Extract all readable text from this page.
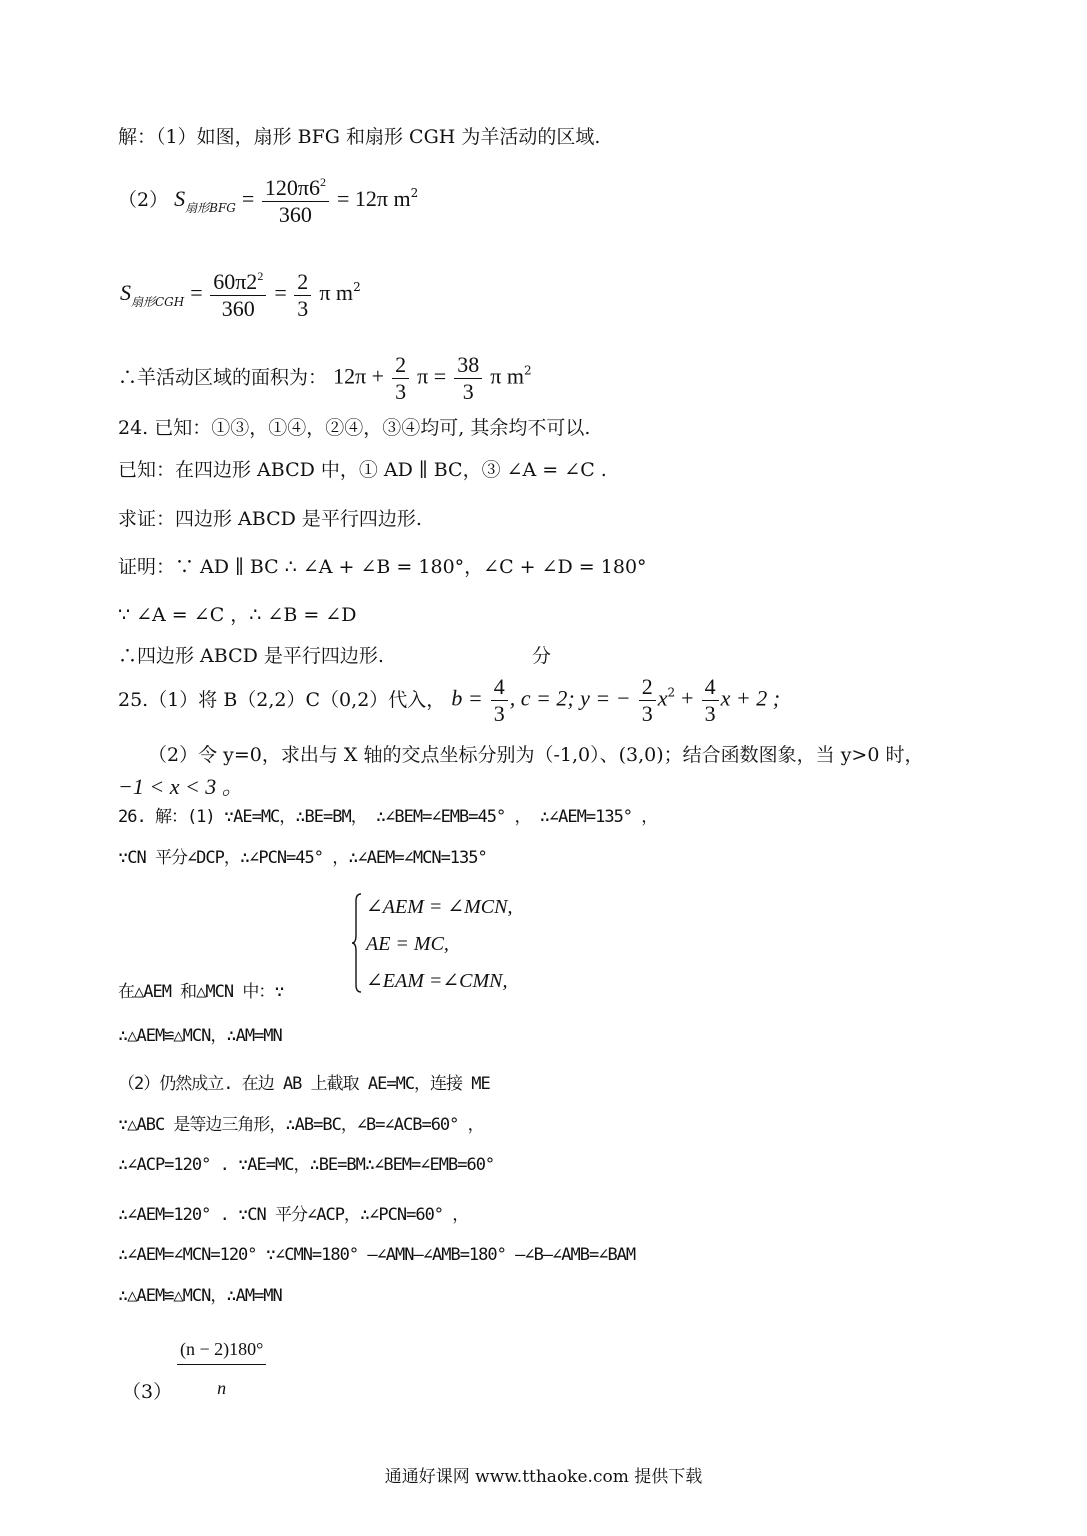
解：（1）如图，扇形 BFG 和扇形 CGH 为羊活动的区域.
（2） $S_{扇形BFG} = \frac{120\pi 6^2}{360} = 12\pi$ $m^2$
$S_{扇形CGH} = \frac{60\pi 2^2}{360} = \frac{2}{3}$ π $m^2$
∴羊活动区域的面积为： $12\pi + \frac{2}{3}$ $\pi = \frac{38}{3}$ π $m^2$
24. 已知：①③，①④，②④，③④均可, 其余均不可以.
已知：在四边形 ABCD 中，① AD ∥ BC，③ ∠A = ∠C .
求证：四边形 ABCD 是平行四边形.
证明：∵ AD ∥ BC ∴ ∠A + ∠B = 180°，∠C + ∠D = 180°
∵ ∠A = ∠C ，∴ ∠B = ∠D
∴四边形 ABCD 是平行四边形.	分
25.（1）将 B（2,2）C（0,2）代入， $b = \frac{4}{3}$ , c = 2; y = − $\frac{2}{3} x^2 + \frac{4}{3}$ x + 2 ;
（2）令 y=0，求出与 X 轴的交点坐标分别为（-1,0）、(3,0)；结合函数图象，当 y>0 时，
−1 < x < 3 。
26. 解：(1) ∵AE=MC，∴BE=BM， ∴∠BEM=∠EMB=45° ， ∴∠AEM=135° ，
∵CN 平分∠DCP，∴∠PCN=45° ，∴∠AEM=∠MCN=135°
∠AEM = ∠MCN,
AE = MC,
∠EAM =∠CMN,
在△AEM 和△MCN 中：∵
∴△AEM≌△MCN，∴AM=MN
（2）仍然成立. 在边 AB 上截取 AE=MC，连接 ME
∵△ABC 是等边三角形，∴AB=BC，∠B=∠ACB=60° ，
∴∠ACP=120° . ∵AE=MC，∴BE=BM∴∠BEM=∠EMB=60°
∴∠AEM=120° . ∵CN 平分∠ACP，∴∠PCN=60° ，
∴∠AEM=∠MCN=120° ∵∠CMN=180° —∠AMN—∠AMB=180° —∠B—∠AMB=∠BAM
∴△AEM≌△MCN，∴AM=MN
$(3) \frac{(n - 2)180^\circ}{n}$
通通好课网 www.tthaoke.com 提供下载
